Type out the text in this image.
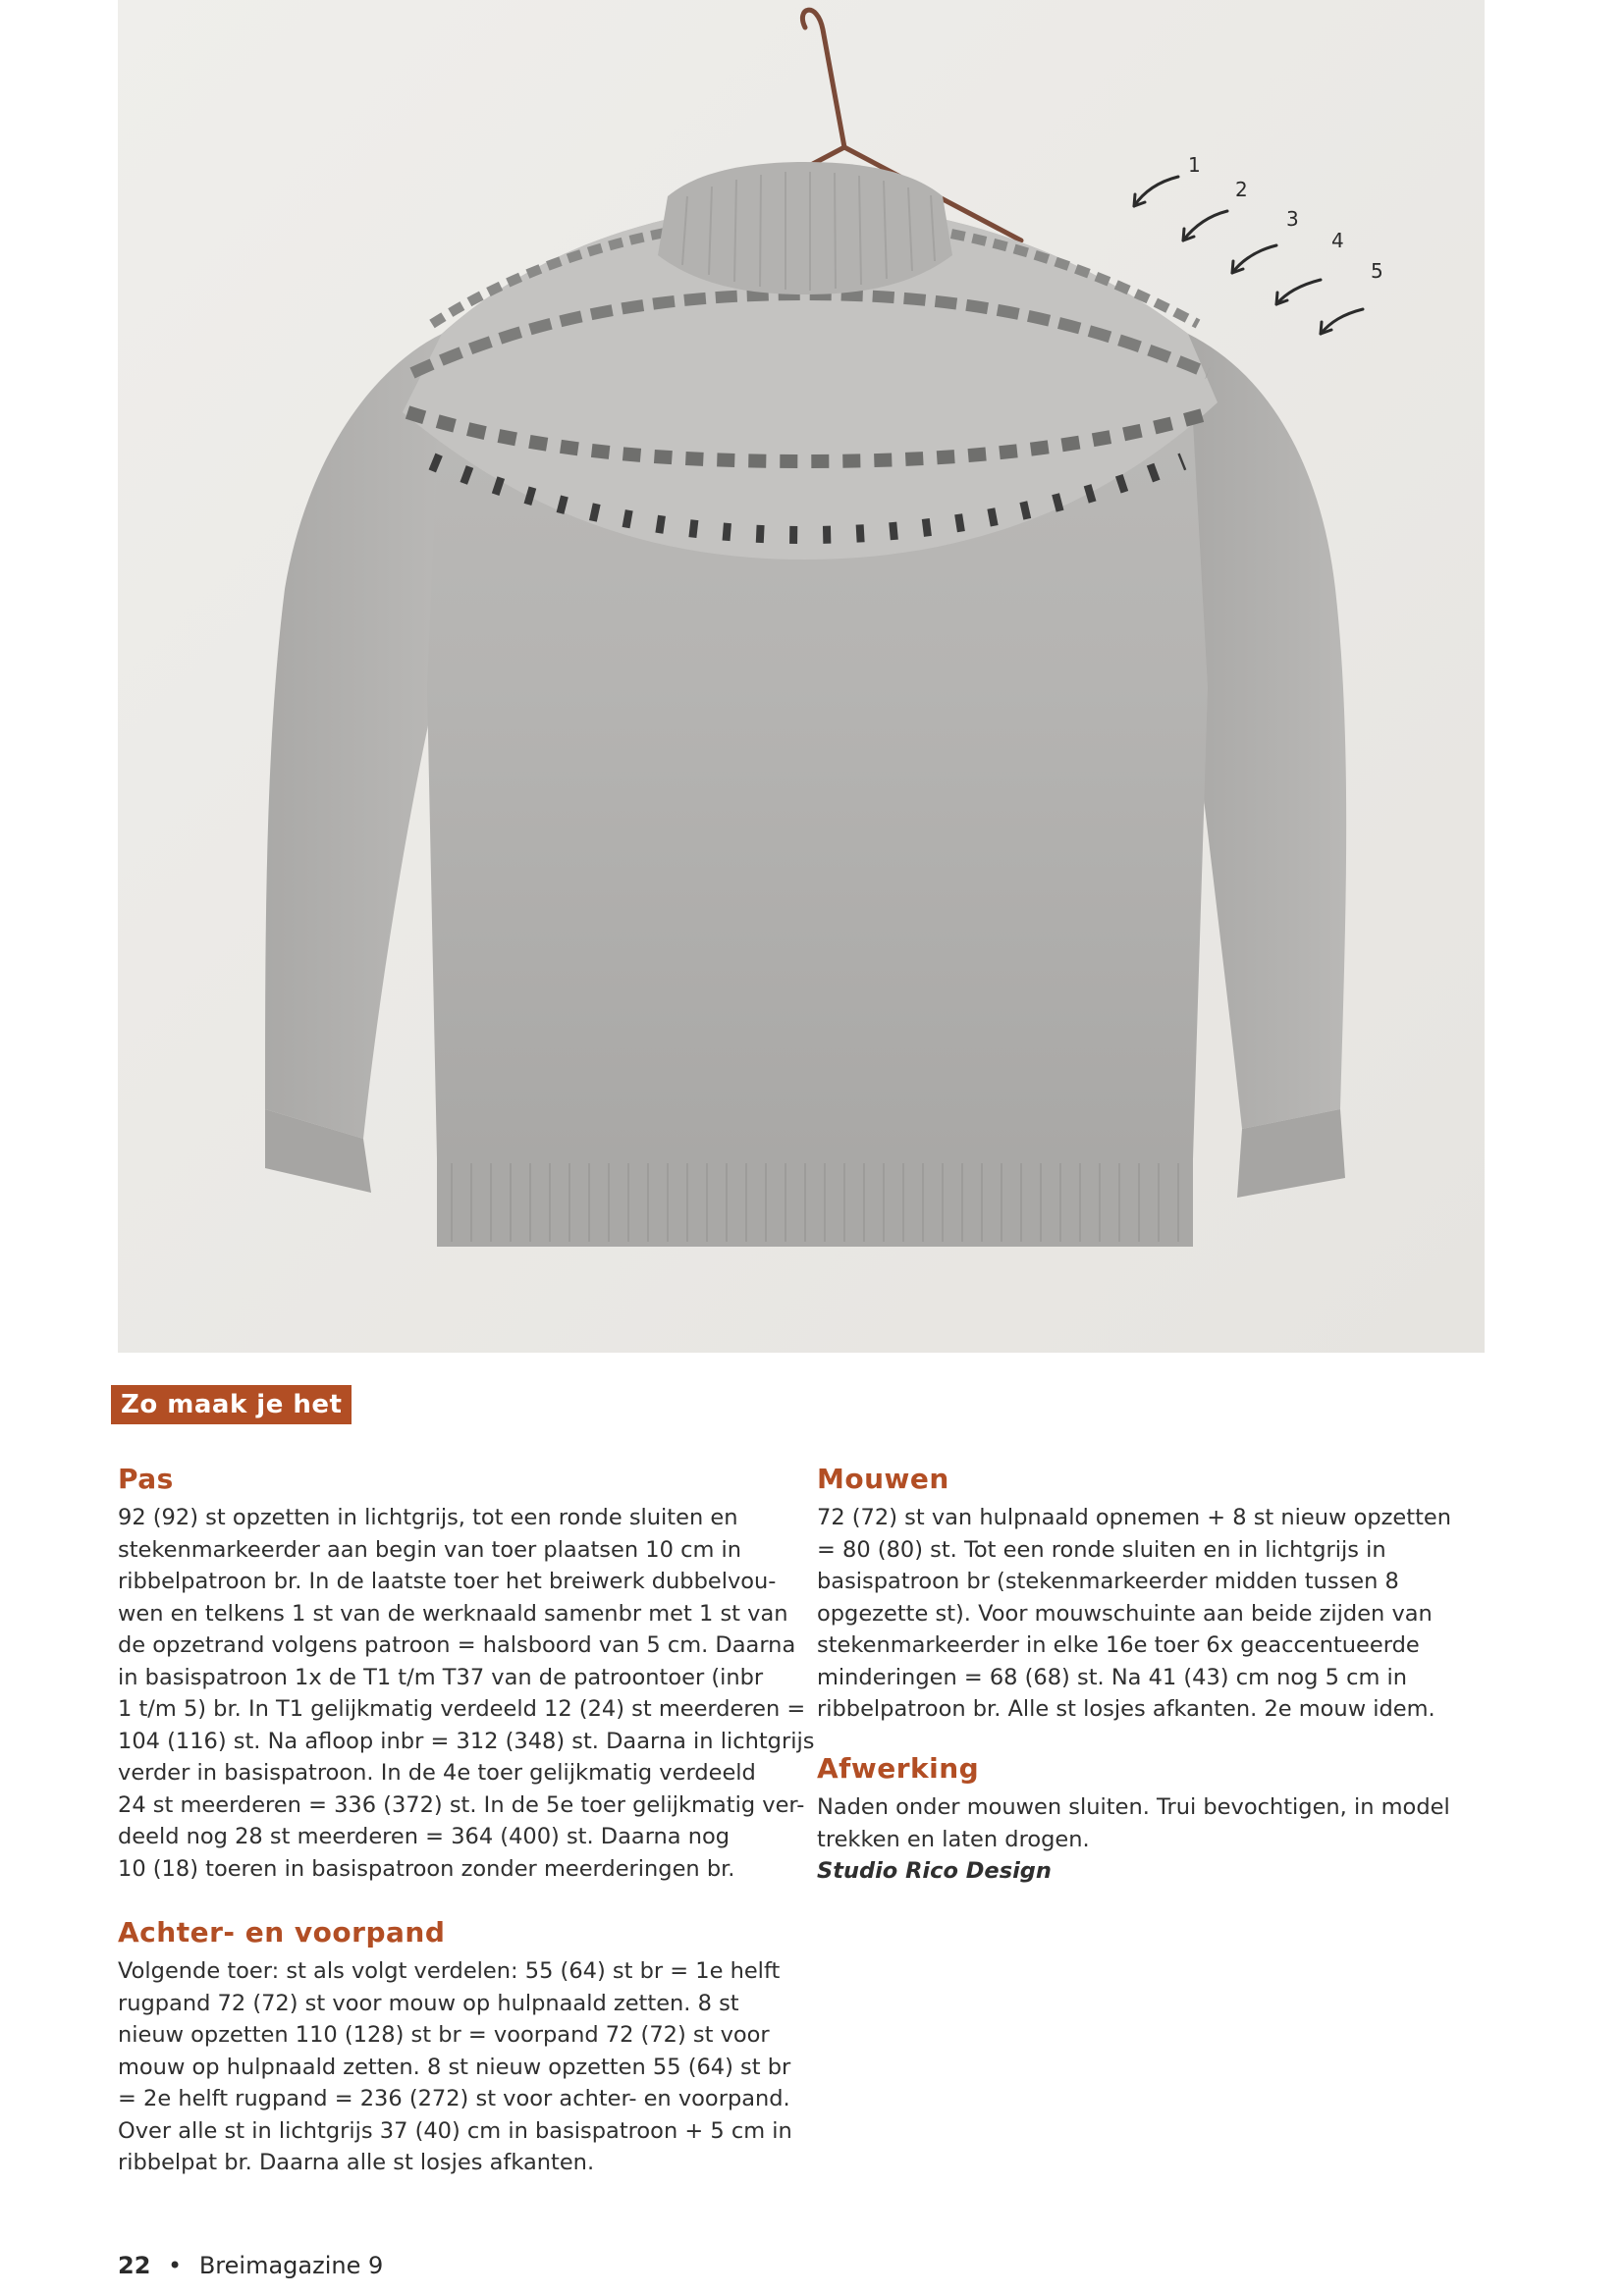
1
2
3
4
5
Zo maak je het
Pas

92 (92) st opzetten in lichtgrijs, tot een ronde sluiten en
stekenmarkeerder aan begin van toer plaatsen 10 cm in
ribbelpatroon br. In de laatste toer het breiwerk dubbelvou-
wen en telkens 1 st van de werknaald samenbr met 1 st van
de opzetrand volgens patroon = halsboord van 5 cm. Daarna
in basispatroon 1x de T1 t/m T37 van de patroontoer (inbr
1 t/m 5) br. In T1 gelijkmatig verdeeld 12 (24) st meerderen =
104 (116) st. Na afloop inbr = 312 (348) st. Daarna in lichtgrijs
verder in basispatroon. In de 4e toer gelijkmatig verdeeld
24 st meerderen = 336 (372) st. In de 5e toer gelijkmatig ver-
deeld nog 28 st meerderen = 364 (400) st. Daarna nog
10 (18) toeren in basispatroon zonder meerderingen br.

Achter- en voorpand

Volgende toer: st als volgt verdelen: 55 (64) st br = 1e helft
rugpand 72 (72) st voor mouw op hulpnaald zetten. 8 st
nieuw opzetten 110 (128) st br = voorpand 72 (72) st voor
mouw op hulpnaald zetten. 8 st nieuw opzetten 55 (64) st br
= 2e helft rugpand = 236 (272) st voor achter- en voorpand.
Over alle st in lichtgrijs 37 (40) cm in basispatroon + 5 cm in
ribbelpat br. Daarna alle st losjes afkanten.

Mouwen

72 (72) st van hulpnaald opnemen + 8 st nieuw opzetten
= 80 (80) st. Tot een ronde sluiten en in lichtgrijs in
basispatroon br (stekenmarkeerder midden tussen 8
opgezette st). Voor mouwschuinte aan beide zijden van
stekenmarkeerder in elke 16e toer 6x geaccentueerde
minderingen = 68 (68) st. Na 41 (43) cm nog 5 cm in
ribbelpatroon br. Alle st losjes afkanten. 2e mouw idem.

Afwerking

Naden onder mouwen sluiten. Trui bevochtigen, in model
trekken en laten drogen.
Studio Rico Design

22 • Breimagazine 9
